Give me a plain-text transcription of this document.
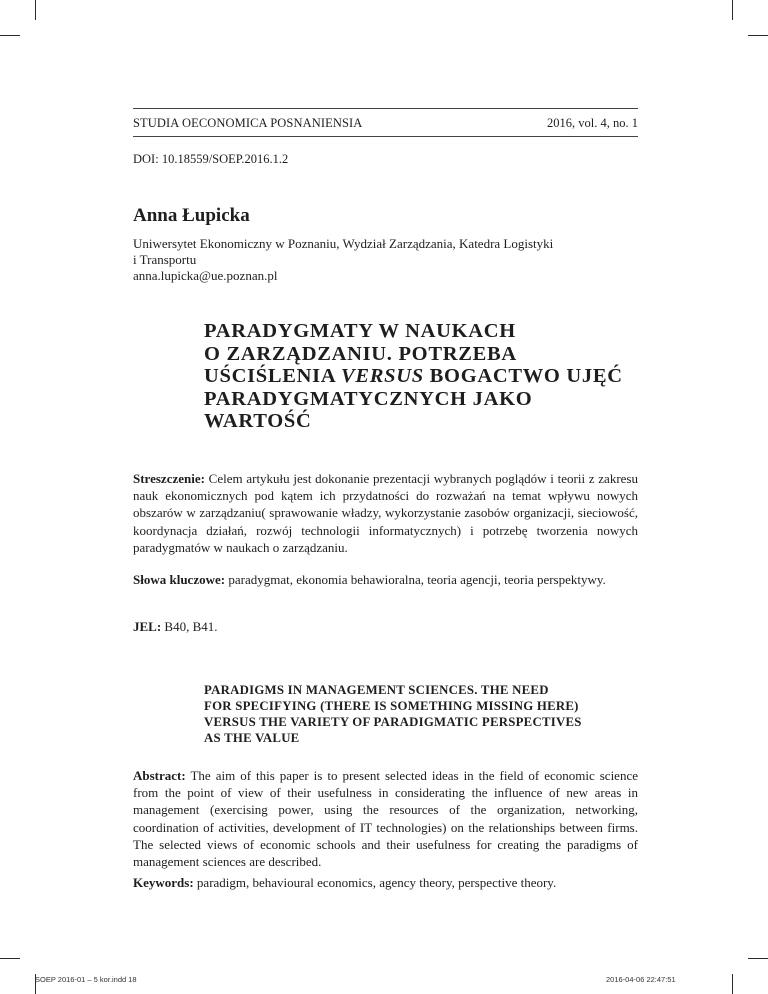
STUDIA OECONOMICA POSNANIENSIA	2016, vol. 4, no. 1
DOI: 10.18559/SOEP.2016.1.2
Anna Łupicka
Uniwersytet Ekonomiczny w Poznaniu, Wydział Zarządzania, Katedra Logistyki
i Transportu
anna.lupicka@ue.poznan.pl
PARADYGMATY W NAUKACH
O ZARZĄDZANIU. POTRZEBA
UŚCIŚLENIA VERSUS BOGACTWO UJĘĆ
PARADYGMATYCZNYCH JAKO WARTOŚĆ
Streszczenie: Celem artykułu jest dokonanie prezentacji wybranych poglądów i teorii z zakresu nauk ekonomicznych pod kątem ich przydatności do rozważań na temat wpływu nowych obszarów w zarządzaniu( sprawowanie władzy, wykorzystanie zasobów organizacji, sieciowość, koordynacja działań, rozwój technologii informatycznych) i potrzebę tworzenia nowych paradygmatów w naukach o zarządzaniu.
Słowa kluczowe: paradygmat, ekonomia behawioralna, teoria agencji, teoria perspektywy.
JEL: B40, B41.
PARADIGMS IN MANAGEMENT SCIENCES. THE NEED
FOR SPECIFYING (THERE IS SOMETHING MISSING HERE)
VERSUS THE VARIETY OF PARADIGMATIC PERSPECTIVES
AS THE VALUE
Abstract: The aim of this paper is to present selected ideas in the field of economic science from the point of view of their usefulness in considerating the influence of new areas in management (exercising power, using the resources of the organization, networking, coordination of activities, development of IT technologies) on the relationships between firms. The selected views of economic schools and their usefulness for creating the paradigms of management sciences are described.
Keywords: paradigm, behavioural economics, agency theory, perspective theory.
SOEP 2016-01 – 5 kor.indd 18	2016-04-06 22:47:51
